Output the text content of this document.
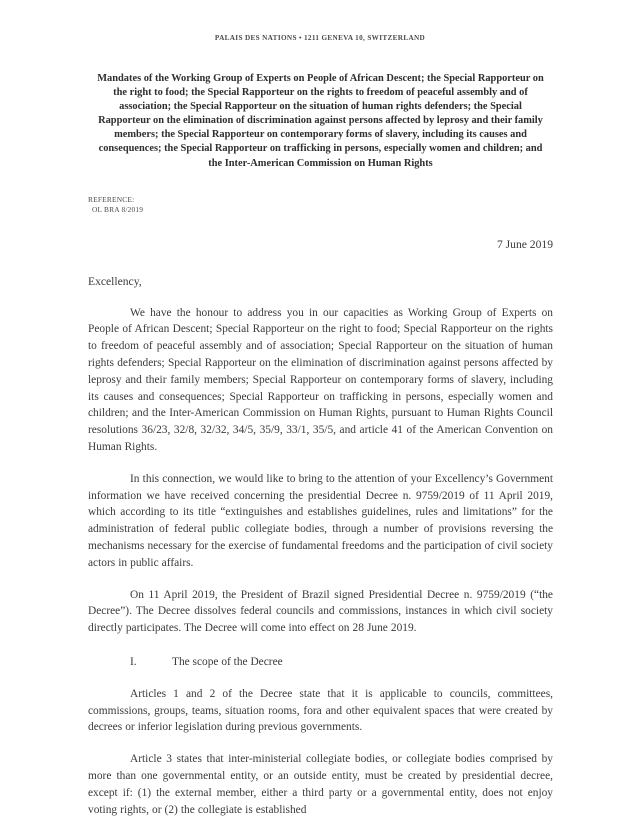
PALAIS DES NATIONS • 1211 GENEVA 10, SWITZERLAND
Mandates of the Working Group of Experts on People of African Descent; the Special Rapporteur on the right to food; the Special Rapporteur on the rights to freedom of peaceful assembly and of association; the Special Rapporteur on the situation of human rights defenders; the Special Rapporteur on the elimination of discrimination against persons affected by leprosy and their family members; the Special Rapporteur on contemporary forms of slavery, including its causes and consequences; the Special Rapporteur on trafficking in persons, especially women and children; and the Inter-American Commission on Human Rights
REFERENCE:
OL BRA 8/2019
7 June 2019
Excellency,

We have the honour to address you in our capacities as Working Group of Experts on People of African Descent; Special Rapporteur on the right to food; Special Rapporteur on the rights to freedom of peaceful assembly and of association; Special Rapporteur on the situation of human rights defenders; Special Rapporteur on the elimination of discrimination against persons affected by leprosy and their family members; Special Rapporteur on contemporary forms of slavery, including its causes and consequences; Special Rapporteur on trafficking in persons, especially women and children; and the Inter-American Commission on Human Rights, pursuant to Human Rights Council resolutions 36/23, 32/8, 32/32, 34/5, 35/9, 33/1, 35/5, and article 41 of the American Convention on Human Rights.

In this connection, we would like to bring to the attention of your Excellency’s Government information we have received concerning the presidential Decree n. 9759/2019 of 11 April 2019, which according to its title “extinguishes and establishes guidelines, rules and limitations” for the administration of federal public collegiate bodies, through a number of provisions reversing the mechanisms necessary for the exercise of fundamental freedoms and the participation of civil society actors in public affairs.

On 11 April 2019, the President of Brazil signed Presidential Decree n. 9759/2019 (“the Decree”). The Decree dissolves federal councils and commissions, instances in which civil society directly participates. The Decree will come into effect on 28 June 2019.

I.	The scope of the Decree

Articles 1 and 2 of the Decree state that it is applicable to councils, committees, commissions, groups, teams, situation rooms, fora and other equivalent spaces that were created by decrees or inferior legislation during previous governments.

Article 3 states that inter-ministerial collegiate bodies, or collegiate bodies comprised by more than one governmental entity, or an outside entity, must be created by presidential decree, except if: (1) the external member, either a third party or a governmental entity, does not enjoy voting rights, or (2) the collegiate is established
